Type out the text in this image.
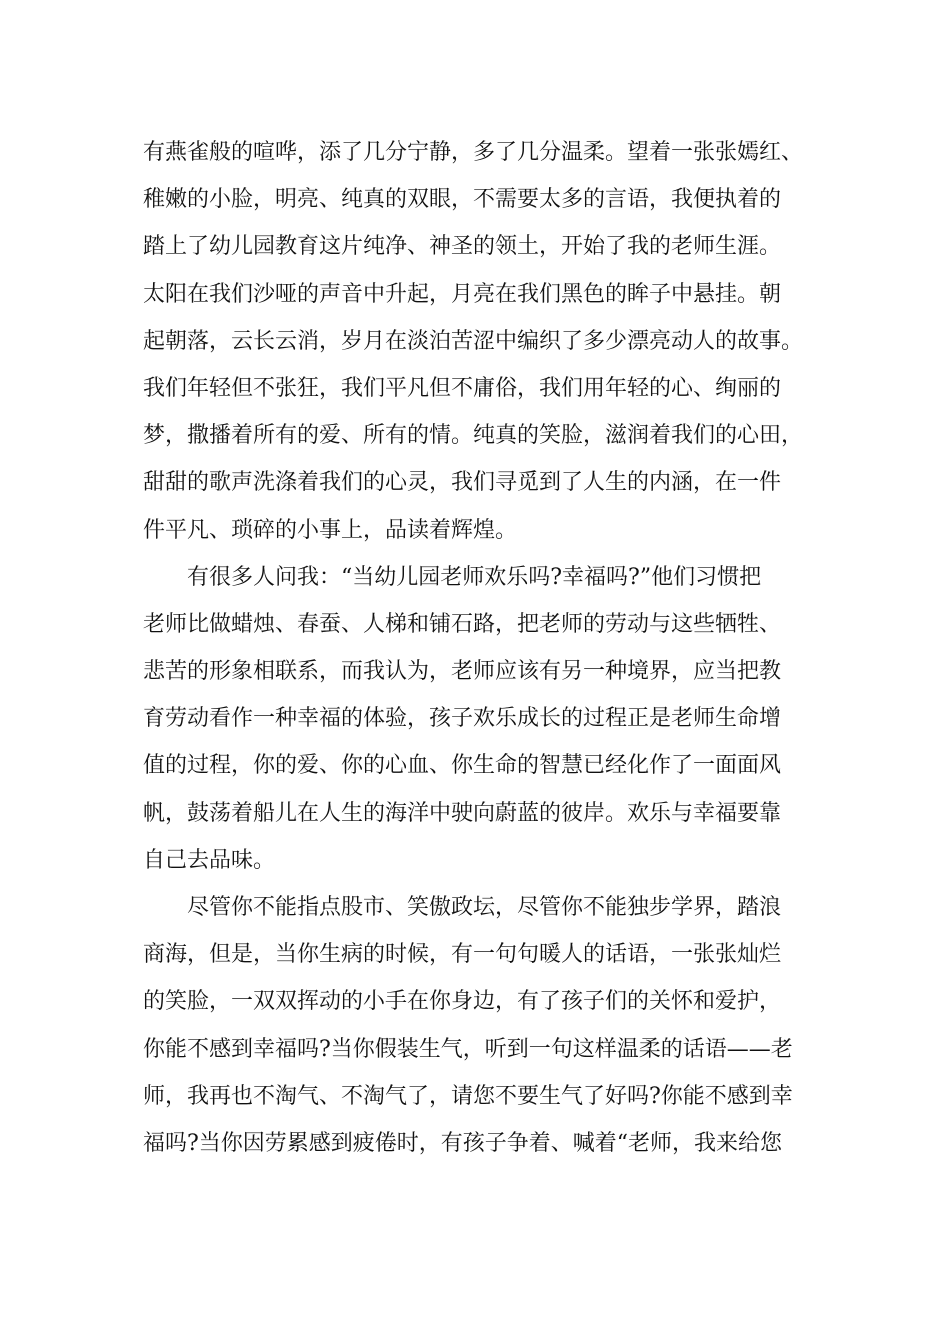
有燕雀般的喧哗，添了几分宁静，多了几分温柔。望着一张张嫣红、
稚嫩的小脸，明亮、纯真的双眼，不需要太多的言语，我便执着的
踏上了幼儿园教育这片纯净、神圣的领土，开始了我的老师生涯。
太阳在我们沙哑的声音中升起，月亮在我们黑色的眸子中悬挂。朝
起朝落，云长云消，岁月在淡泊苦涩中编织了多少漂亮动人的故事。
我们年轻但不张狂，我们平凡但不庸俗，我们用年轻的心、绚丽的
梦，撒播着所有的爱、所有的情。纯真的笑脸，滋润着我们的心田，
甜甜的歌声洗涤着我们的心灵，我们寻觅到了人生的内涵，在一件
件平凡、琐碎的小事上，品读着辉煌。
　　有很多人问我：“当幼儿园老师欢乐吗?幸福吗?”他们习惯把
老师比做蜡烛、春蚕、人梯和铺石路，把老师的劳动与这些牺牲、
悲苦的形象相联系，而我认为，老师应该有另一种境界，应当把教
育劳动看作一种幸福的体验，孩子欢乐成长的过程正是老师生命增
值的过程，你的爱、你的心血、你生命的智慧已经化作了一面面风
帆，鼓荡着船儿在人生的海洋中驶向蔚蓝的彼岸。欢乐与幸福要靠
自己去品味。
　　尽管你不能指点股市、笑傲政坛，尽管你不能独步学界，踏浪
商海，但是，当你生病的时候，有一句句暖人的话语，一张张灿烂
的笑脸，一双双挥动的小手在你身边，有了孩子们的关怀和爱护，
你能不感到幸福吗?当你假装生气，听到一句这样温柔的话语——老
师，我再也不淘气、不淘气了，请您不要生气了好吗?你能不感到幸
福吗?当你因劳累感到疲倦时，有孩子争着、喊着“老师，我来给您
